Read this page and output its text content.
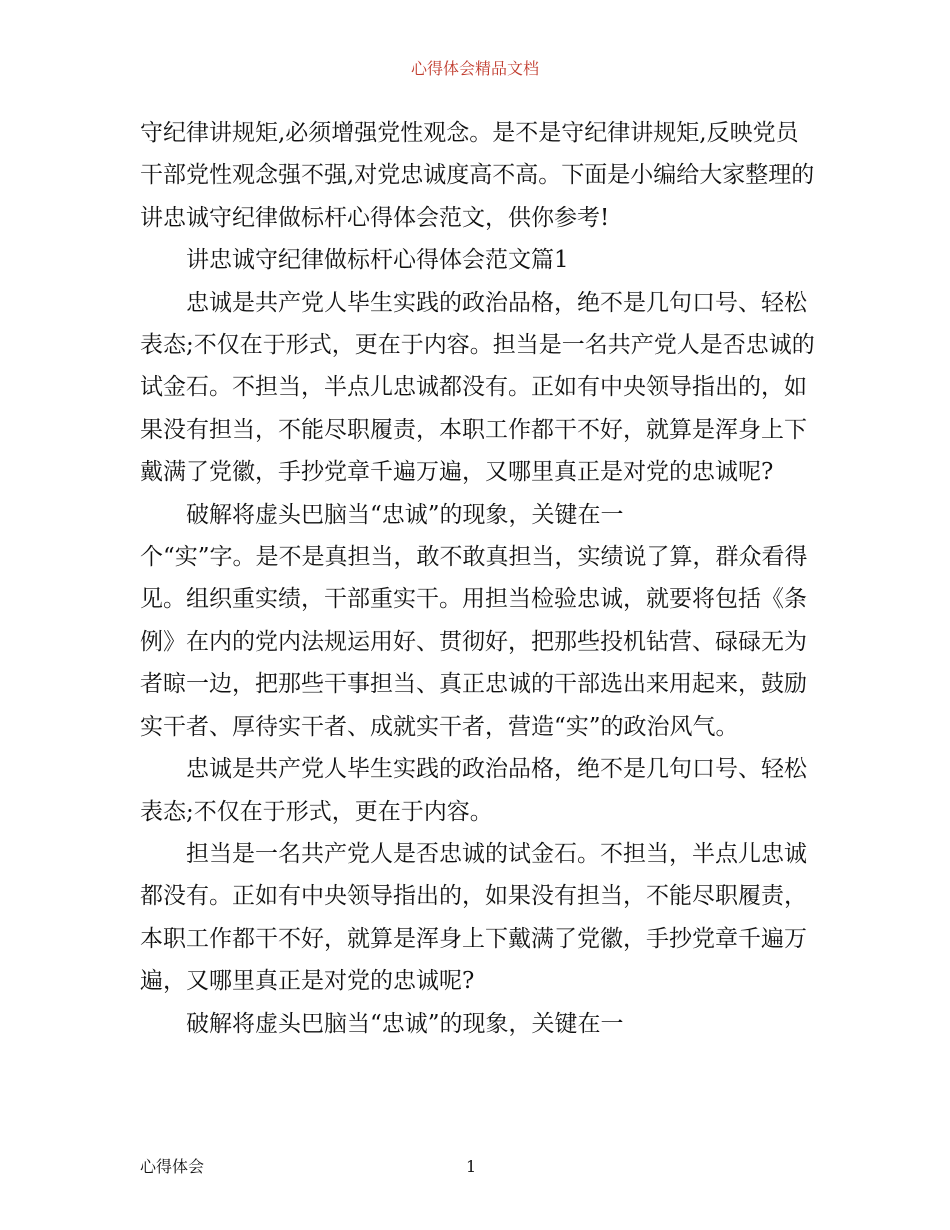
心得体会精品文档

守纪律讲规矩,必须增强党性观念。是不是守纪律讲规矩,反映党员干部党性观念强不强,对党忠诚度高不高。下面是小编给大家整理的讲忠诚守纪律做标杆心得体会范文，供你参考!

讲忠诚守纪律做标杆心得体会范文篇1

忠诚是共产党人毕生实践的政治品格，绝不是几句口号、轻松表态;不仅在于形式，更在于内容。担当是一名共产党人是否忠诚的试金石。不担当，半点儿忠诚都没有。正如有中央领导指出的，如果没有担当，不能尽职履责，本职工作都干不好，就算是浑身上下戴满了党徽，手抄党章千遍万遍，又哪里真正是对党的忠诚呢?

破解将虚头巴脑当“忠诚”的现象，关键在一

个“实”字。是不是真担当，敢不敢真担当，实绩说了算，群众看得见。组织重实绩，干部重实干。用担当检验忠诚，就要将包括《条例》在内的党内法规运用好、贯彻好，把那些投机钻营、碌碌无为者晾一边，把那些干事担当、真正忠诚的干部选出来用起来，鼓励实干者、厚待实干者、成就实干者，营造“实”的政治风气。

忠诚是共产党人毕生实践的政治品格，绝不是几句口号、轻松表态;不仅在于形式，更在于内容。

担当是一名共产党人是否忠诚的试金石。不担当，半点儿忠诚都没有。正如有中央领导指出的，如果没有担当，不能尽职履责，本职工作都干不好，就算是浑身上下戴满了党徽，手抄党章千遍万遍，又哪里真正是对党的忠诚呢?

破解将虚头巴脑当“忠诚”的现象，关键在一

心得体会	1
